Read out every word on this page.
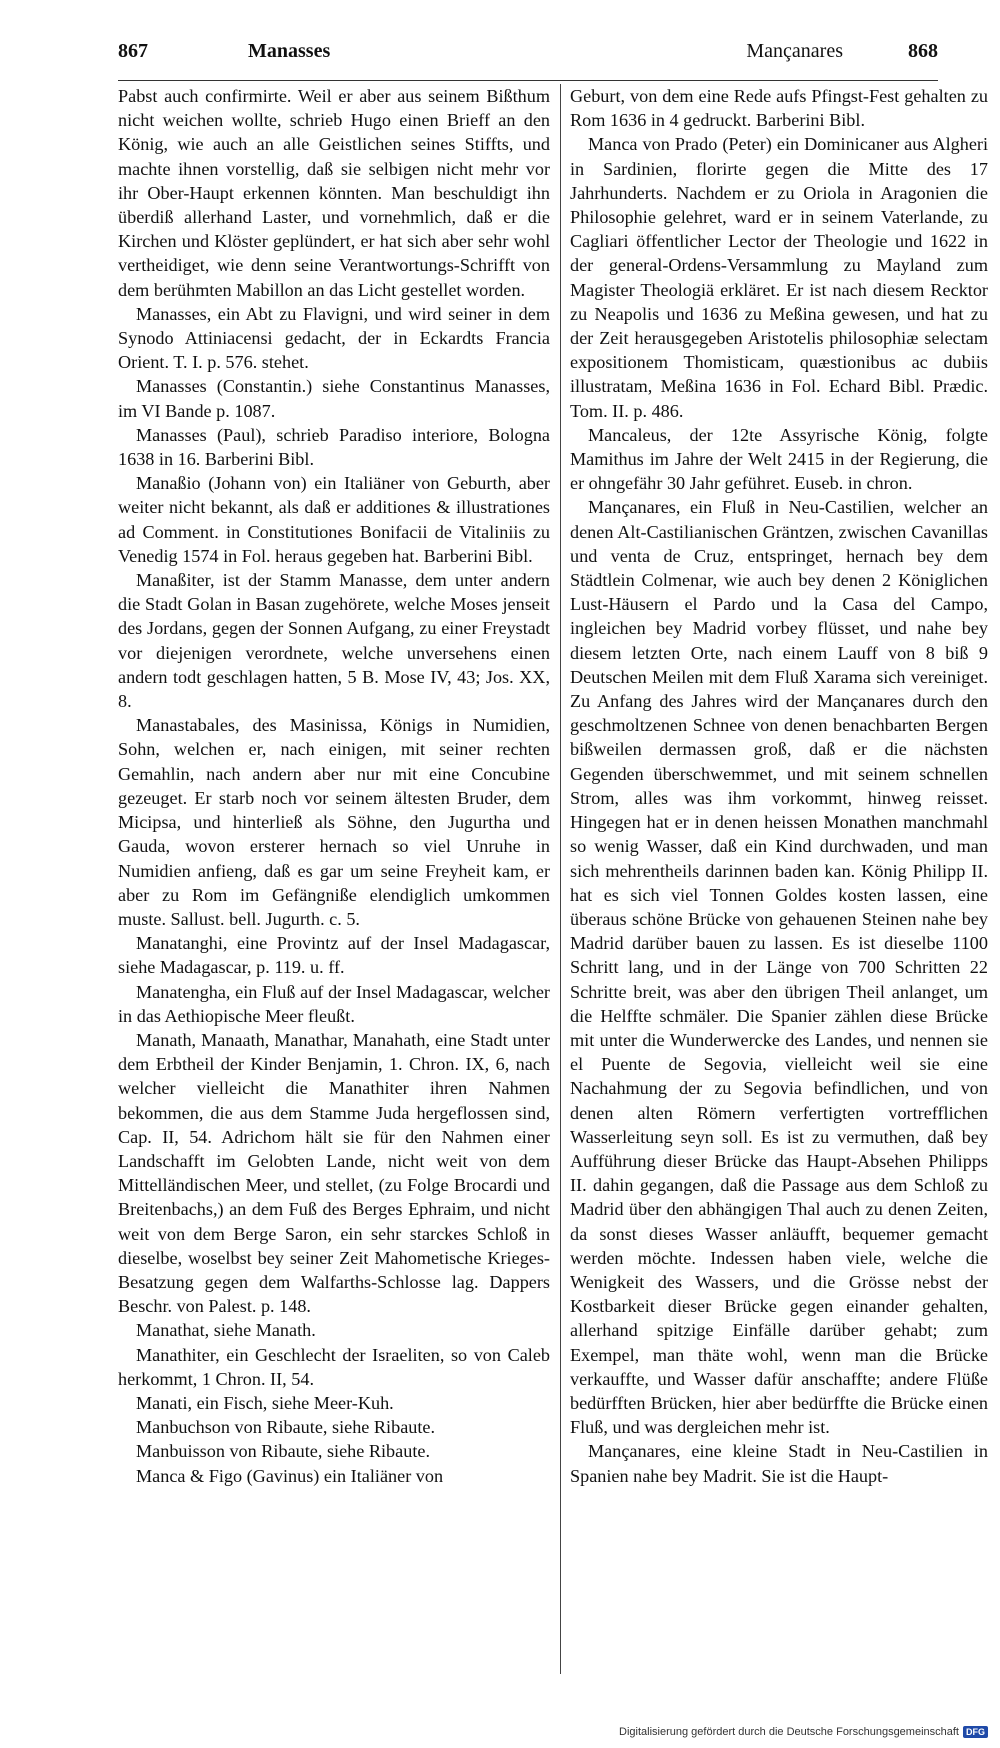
867	Manasses	Mançanares	868

Pabst auch confirmirte. Weil er aber aus seinem Bißthum nicht weichen wollte, schrieb Hugo einen Brieff an den König, wie auch an alle Geistlichen seines Stiffts, und machte ihnen vorstellig, daß sie selbigen nicht mehr vor ihr Ober-Haupt erkennen könnten. Man beschuldigt ihn überdiß allerhand Laster, und vornehmlich, daß er die Kirchen und Klöster geplündert, er hat sich aber sehr wohl vertheidiget, wie denn seine Verantwortungs-Schrifft von dem berühmten Mabillon an das Licht gestellet worden.

Manasses, ein Abt zu Flavigni, und wird seiner in dem Synodo Attiniacensi gedacht, der in Eckardts Francia Orient. T. I. p. 576. stehet.

Manasses (Constantin.) siehe Constantinus Manasses, im VI Bande p. 1087.

Manasses (Paul), schrieb Paradiso interiore, Bologna 1638 in 16. Barberini Bibl.

Manaßio (Johann von) ein Italiäner von Geburth, aber weiter nicht bekannt, als daß er additiones & illustrationes ad Comment. in Constitutiones Bonifacii de Vitaliniis zu Venedig 1574 in Fol. heraus gegeben hat. Barberini Bibl.

Manaßiter, ist der Stamm Manasse, dem unter andern die Stadt Golan in Basan zugehörete, welche Moses jenseit des Jordans, gegen der Sonnen Aufgang, zu einer Freystadt vor diejenigen verordnete, welche unversehens einen andern todt geschlagen hatten, 5 B. Mose IV, 43; Jos. XX, 8.

Manastabales, des Masinissa, Königs in Numidien, Sohn, welchen er, nach einigen, mit seiner rechten Gemahlin, nach andern aber nur mit eine Concubine gezeuget. Er starb noch vor seinem ältesten Bruder, dem Micipsa, und hinterließ als Söhne, den Jugurtha und Gauda, wovon ersterer hernach so viel Unruhe in Numidien anfieng, daß es gar um seine Freyheit kam, er aber zu Rom im Gefängniße elendiglich umkommen muste. Sallust. bell. Jugurth. c. 5.

Manatanghi, eine Provintz auf der Insel Madagascar, siehe Madagascar, p. 119. u. ff.

Manatengha, ein Fluß auf der Insel Madagascar, welcher in das Aethiopische Meer fleußt.

Manath, Manaath, Manathar, Manahath, eine Stadt unter dem Erbtheil der Kinder Benjamin, 1. Chron. IX, 6, nach welcher vielleicht die Manathiter ihren Nahmen bekommen, die aus dem Stamme Juda hergeflossen sind, Cap. II, 54. Adrichom hält sie für den Nahmen einer Landschafft im Gelobten Lande, nicht weit von dem Mittelländischen Meer, und stellet, (zu Folge Brocardi und Breitenbachs,) an dem Fuß des Berges Ephraim, und nicht weit von dem Berge Saron, ein sehr starckes Schloß in dieselbe, woselbst bey seiner Zeit Mahometische Krieges-Besatzung gegen dem Walfarths-Schlosse lag. Dappers Beschr. von Palest. p. 148.

Manathat, siehe Manath.

Manathiter, ein Geschlecht der Israeliten, so von Caleb herkommt, 1 Chron. II, 54.

Manati, ein Fisch, siehe Meer-Kuh.

Manbuchson von Ribaute, siehe Ribaute.

Manbuisson von Ribaute, siehe Ribaute.

Manca & Figo (Gavinus) ein Italiäner von

Geburt, von dem eine Rede aufs Pfingst-Fest gehalten zu Rom 1636 in 4 gedruckt. Barberini Bibl.

Manca von Prado (Peter) ein Dominicaner aus Algheri in Sardinien, florirte gegen die Mitte des 17 Jahrhunderts. Nachdem er zu Oriola in Aragonien die Philosophie gelehret, ward er in seinem Vaterlande, zu Cagliari öffentlicher Lector der Theologie und 1622 in der general-Ordens-Versammlung zu Mayland zum Magister Theologiä erkläret. Er ist nach diesem Recktor zu Neapolis und 1636 zu Meßina gewesen, und hat zu der Zeit herausgegeben Aristotelis philosophiæ selectam expositionem Thomisticam, quæstionibus ac dubiis illustratam, Meßina 1636 in Fol. Echard Bibl. Prædic. Tom. II. p. 486.

Mancaleus, der 12te Assyrische König, folgte Mamithus im Jahre der Welt 2415 in der Regierung, die er ohngefähr 30 Jahr geführet. Euseb. in chron.

Mançanares, ein Fluß in Neu-Castilien, welcher an denen Alt-Castilianischen Gräntzen, zwischen Cavanillas und venta de Cruz, entspringet, hernach bey dem Städtlein Colmenar, wie auch bey denen 2 Königlichen Lust-Häusern el Pardo und la Casa del Campo, ingleichen bey Madrid vorbey flüsset, und nahe bey diesem letzten Orte, nach einem Lauff von 8 biß 9 Deutschen Meilen mit dem Fluß Xarama sich vereiniget. Zu Anfang des Jahres wird der Mançanares durch den geschmoltzenen Schnee von denen benachbarten Bergen bißweilen dermassen groß, daß er die nächsten Gegenden überschwemmet, und mit seinem schnellen Strom, alles was ihm vorkommt, hinweg reisset. Hingegen hat er in denen heissen Monathen manchmahl so wenig Wasser, daß ein Kind durchwaden, und man sich mehrentheils darinnen baden kan. König Philipp II. hat es sich viel Tonnen Goldes kosten lassen, eine überaus schöne Brücke von gehauenen Steinen nahe bey Madrid darüber bauen zu lassen. Es ist dieselbe 1100 Schritt lang, und in der Länge von 700 Schritten 22 Schritte breit, was aber den übrigen Theil anlanget, um die Helffte schmäler. Die Spanier zählen diese Brücke mit unter die Wunderwercke des Landes, und nennen sie el Puente de Segovia, vielleicht weil sie eine Nachahmung der zu Segovia befindlichen, und von denen alten Römern verfertigten vortrefflichen Wasserleitung seyn soll. Es ist zu vermuthen, daß bey Aufführung dieser Brücke das Haupt-Absehen Philipps II. dahin gegangen, daß die Passage aus dem Schloß zu Madrid über den abhängigen Thal auch zu denen Zeiten, da sonst dieses Wasser anläufft, bequemer gemacht werden möchte. Indessen haben viele, welche die Wenigkeit des Wassers, und die Grösse nebst der Kostbarkeit dieser Brücke gegen einander gehalten, allerhand spitzige Einfälle darüber gehabt; zum Exempel, man thäte wohl, wenn man die Brücke verkauffte, und Wasser dafür anschaffte; andere Flüße bedürfften Brücken, hier aber bedürffte die Brücke einen Fluß, und was dergleichen mehr ist.

Mançanares, eine kleine Stadt in Neu-Castilien in Spanien nahe bey Madrit. Sie ist die Haupt-

Digitalisierung gefördert durch die Deutsche Forschungsgemeinschaft DFG
